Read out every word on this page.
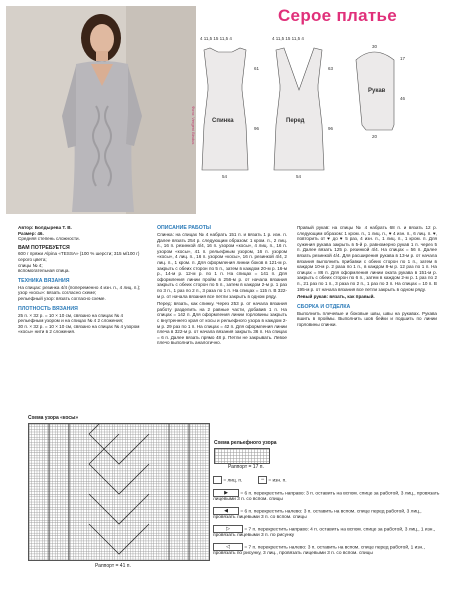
Фото: Vergeni Bindus
Серое платье
4 11,5 15 11,5 4
Спинка
54
61
96
4 11,5 15 11,5 4
Перед
54
63
96
30
Рукав
20
17
46
Автор: Болдырева Т. В.
Размер: 46.
Средняя степень сложности.
ВАМ ПОТРЕБУЕТСЯ
600 г пряжи Alpina «TESSA» (100 % шерсти; 315 м/100 г) серого цвета;
спицы № 4;
вспомогательная спица.
ТЕХНИКА ВЯЗАНИЯ
На спицах: резинка 4/4 (попеременно 4 изн. п., 4 лиц. п.);
узор «косы»: вязать согласно схеме;
рельефный узор: вязать согласно схеме.
ПЛОТНОСТЬ ВЯЗАНИЯ
25 п. × 32 р. = 10 × 10 см, связано на спицах № 4 рельефным узором и на спицах № 4 2 сложения;
30 п. × 32 р. = 10 × 10 см, связано на спицах № 4 узором «косы» нити в 2 сложения.
ОПИСАНИЕ РАБОТЫ
Спинка: на спицах № 4 набрать 151 п. и вязать 1 р. изн. п. Далее вязать 254 р. следующим образом: 1 кром. п., 2 лиц. п., 16 п. резинкой 4/4, 16 п. узором «косы», 4 лиц. п., 16 п. узором «косы», 41 п. рельефным узором, 16 п. узором «косы», 4 лиц. п., 16 п. узором «косы», 16 п. резинкой 4/4, 2 лиц. п., 1 кром. п. Для оформления линии боков в 121-м р. закрыть с обеих сторон по 5 п., затем в каждом 20-м р. 16-м р., 14-м р. 12-м р. по 1 п. На спицах = 141 п. Для оформления линии пройм в 256-м р. от начала вязания закрыть с обеих сторон по 5 п., затем в каждом 2-м р. 1 раз по 3 п., 1 раз по 2 п., 3 раза по 1 п. На спицах = 115 п. В 322-м р. от начала вязания все петли закрыть в одном ряду.
Перед: вязать, как спинку. Через 253 р. от начала вязания работу разделить на 2 равные части, добавив 1 п. На спицах = 142 п. Для оформления линии горловины закрыть с внутреннего края от косы и рельефного узора в каждом 2-м р. 29 раз по 1 п. На спицах = 42 п. Для оформления линии плеча в 322-м р. от начала вязания закрыть 36 п. На спицах = 6 п. Далее вязать прямо 48 р. Петли не закрывать. Левое плечо выполнить аналогично.
Правый рукав: на спицы № 4 набрать 68 п. и вязать 12 р. следующим образом: 1 кром. п., 1 лиц. п., ♥ 4 изн. п., 6 лиц. п. ♥, повторить от ♥ до ♥ 5 раз, 4 изн. п., 1 лиц. п., 1 кром. п. Для сужения рукава закрыть в 5-й р. равномерно рукав 1 п. через 5 п. Далее вязать 125 р. резинкой 4/4. На спицах = 56 п. Далее вязать резинкой 4/4. Для расширения рукава в 13-м р. от начала вязания выполнить прибавки с обеих сторон по 1 п., затем в каждом 10-м р. 2 раза по 1 п., в каждом 8-м р. 12 раз по 1 п. На спицах = 86 п. Для оформления линии оката рукава в 151-м р. закрыть с обеих сторон по 6 п., затем в каждом 2-м р. 1 раз по 2 п., 21 раз по 1 п., 3 раза по 2 п., 1 раз по 3 п. На спицах = 10 п. В 195-м р. от начала вязания все петли закрыть в одном ряду.
Левый рукав: вязать, как правый.
СБОРКА И ОТДЕЛКА
Выполнить плечевые и боковые швы, швы на рукавах. Рукава вшить в проймы. Выполнить шов бейки и подшить по линии горловины спинки.
Схема узора «косы»
Раппорт = 41 п.
Схема рельефного узора
Раппорт = 17 п.
= лиц. п.	− = изн. п.
▶	= 6 п. перекрестить направо: 3 п. оставить на вспом. спице за работой, 3 лиц., провязать лицевыми 3 п. со вспом. спицы
◀	= 6 п. перекрестить налево: 3 п. оставить на вспом. спице перед работой, 3 лиц., провязать лицевыми 3 п. со вспом. спицы
▷	= 7 п. перекрестить направо: 4 п. оставить на вспом. спице за работой, 3 лиц., 1 изн., провязать лицевыми 3 п. по рисунку
◁	= 7 п. перекрестить налево: 3 п. оставить на вспом. спице перед работой, 1 изн., провязать по рисунку, 3 лиц., провязать лицевыми 3 п. со вспом. спицы
